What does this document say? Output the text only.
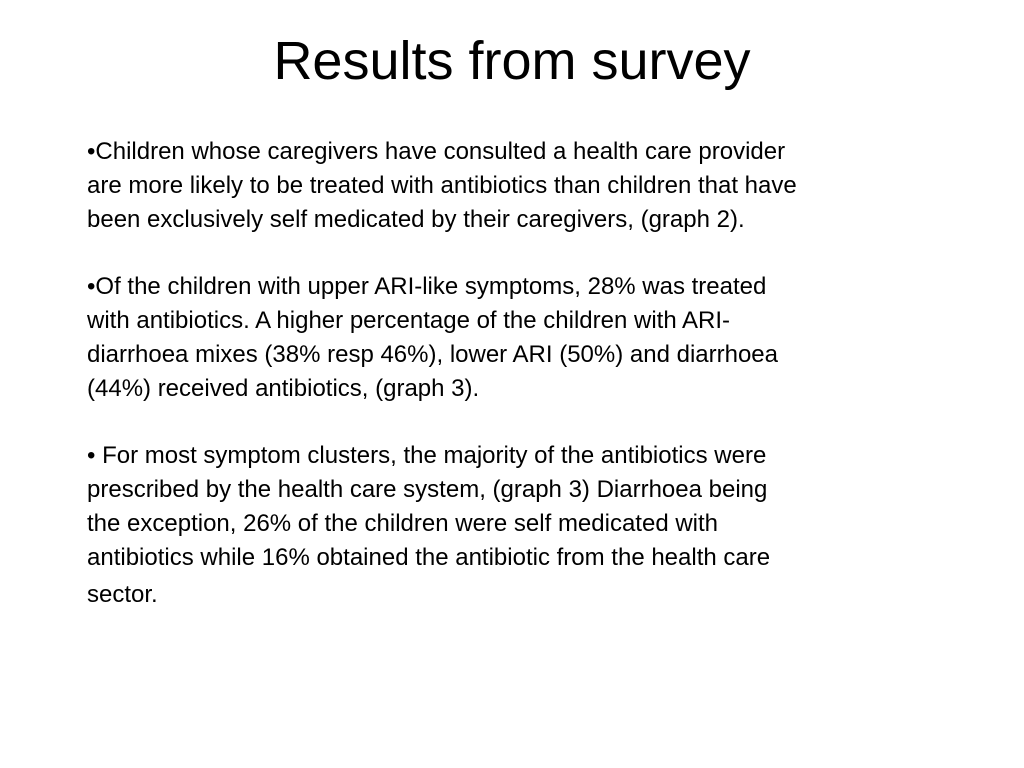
Results from survey

•Children whose caregivers have consulted a health care provider
are more likely to be treated with antibiotics than children that have
been exclusively self medicated by their caregivers, (graph 2).

•Of the children with upper ARI-like symptoms, 28% was treated
with antibiotics. A higher percentage of the children with ARI-
diarrhoea mixes (38% resp 46%), lower ARI (50%) and diarrhoea
(44%) received antibiotics, (graph 3).

• For most symptom clusters, the majority of the antibiotics were
prescribed by the health care system, (graph 3) Diarrhoea being
the exception, 26% of the children were self medicated with
antibiotics while 16% obtained the antibiotic from the health care
sector.
